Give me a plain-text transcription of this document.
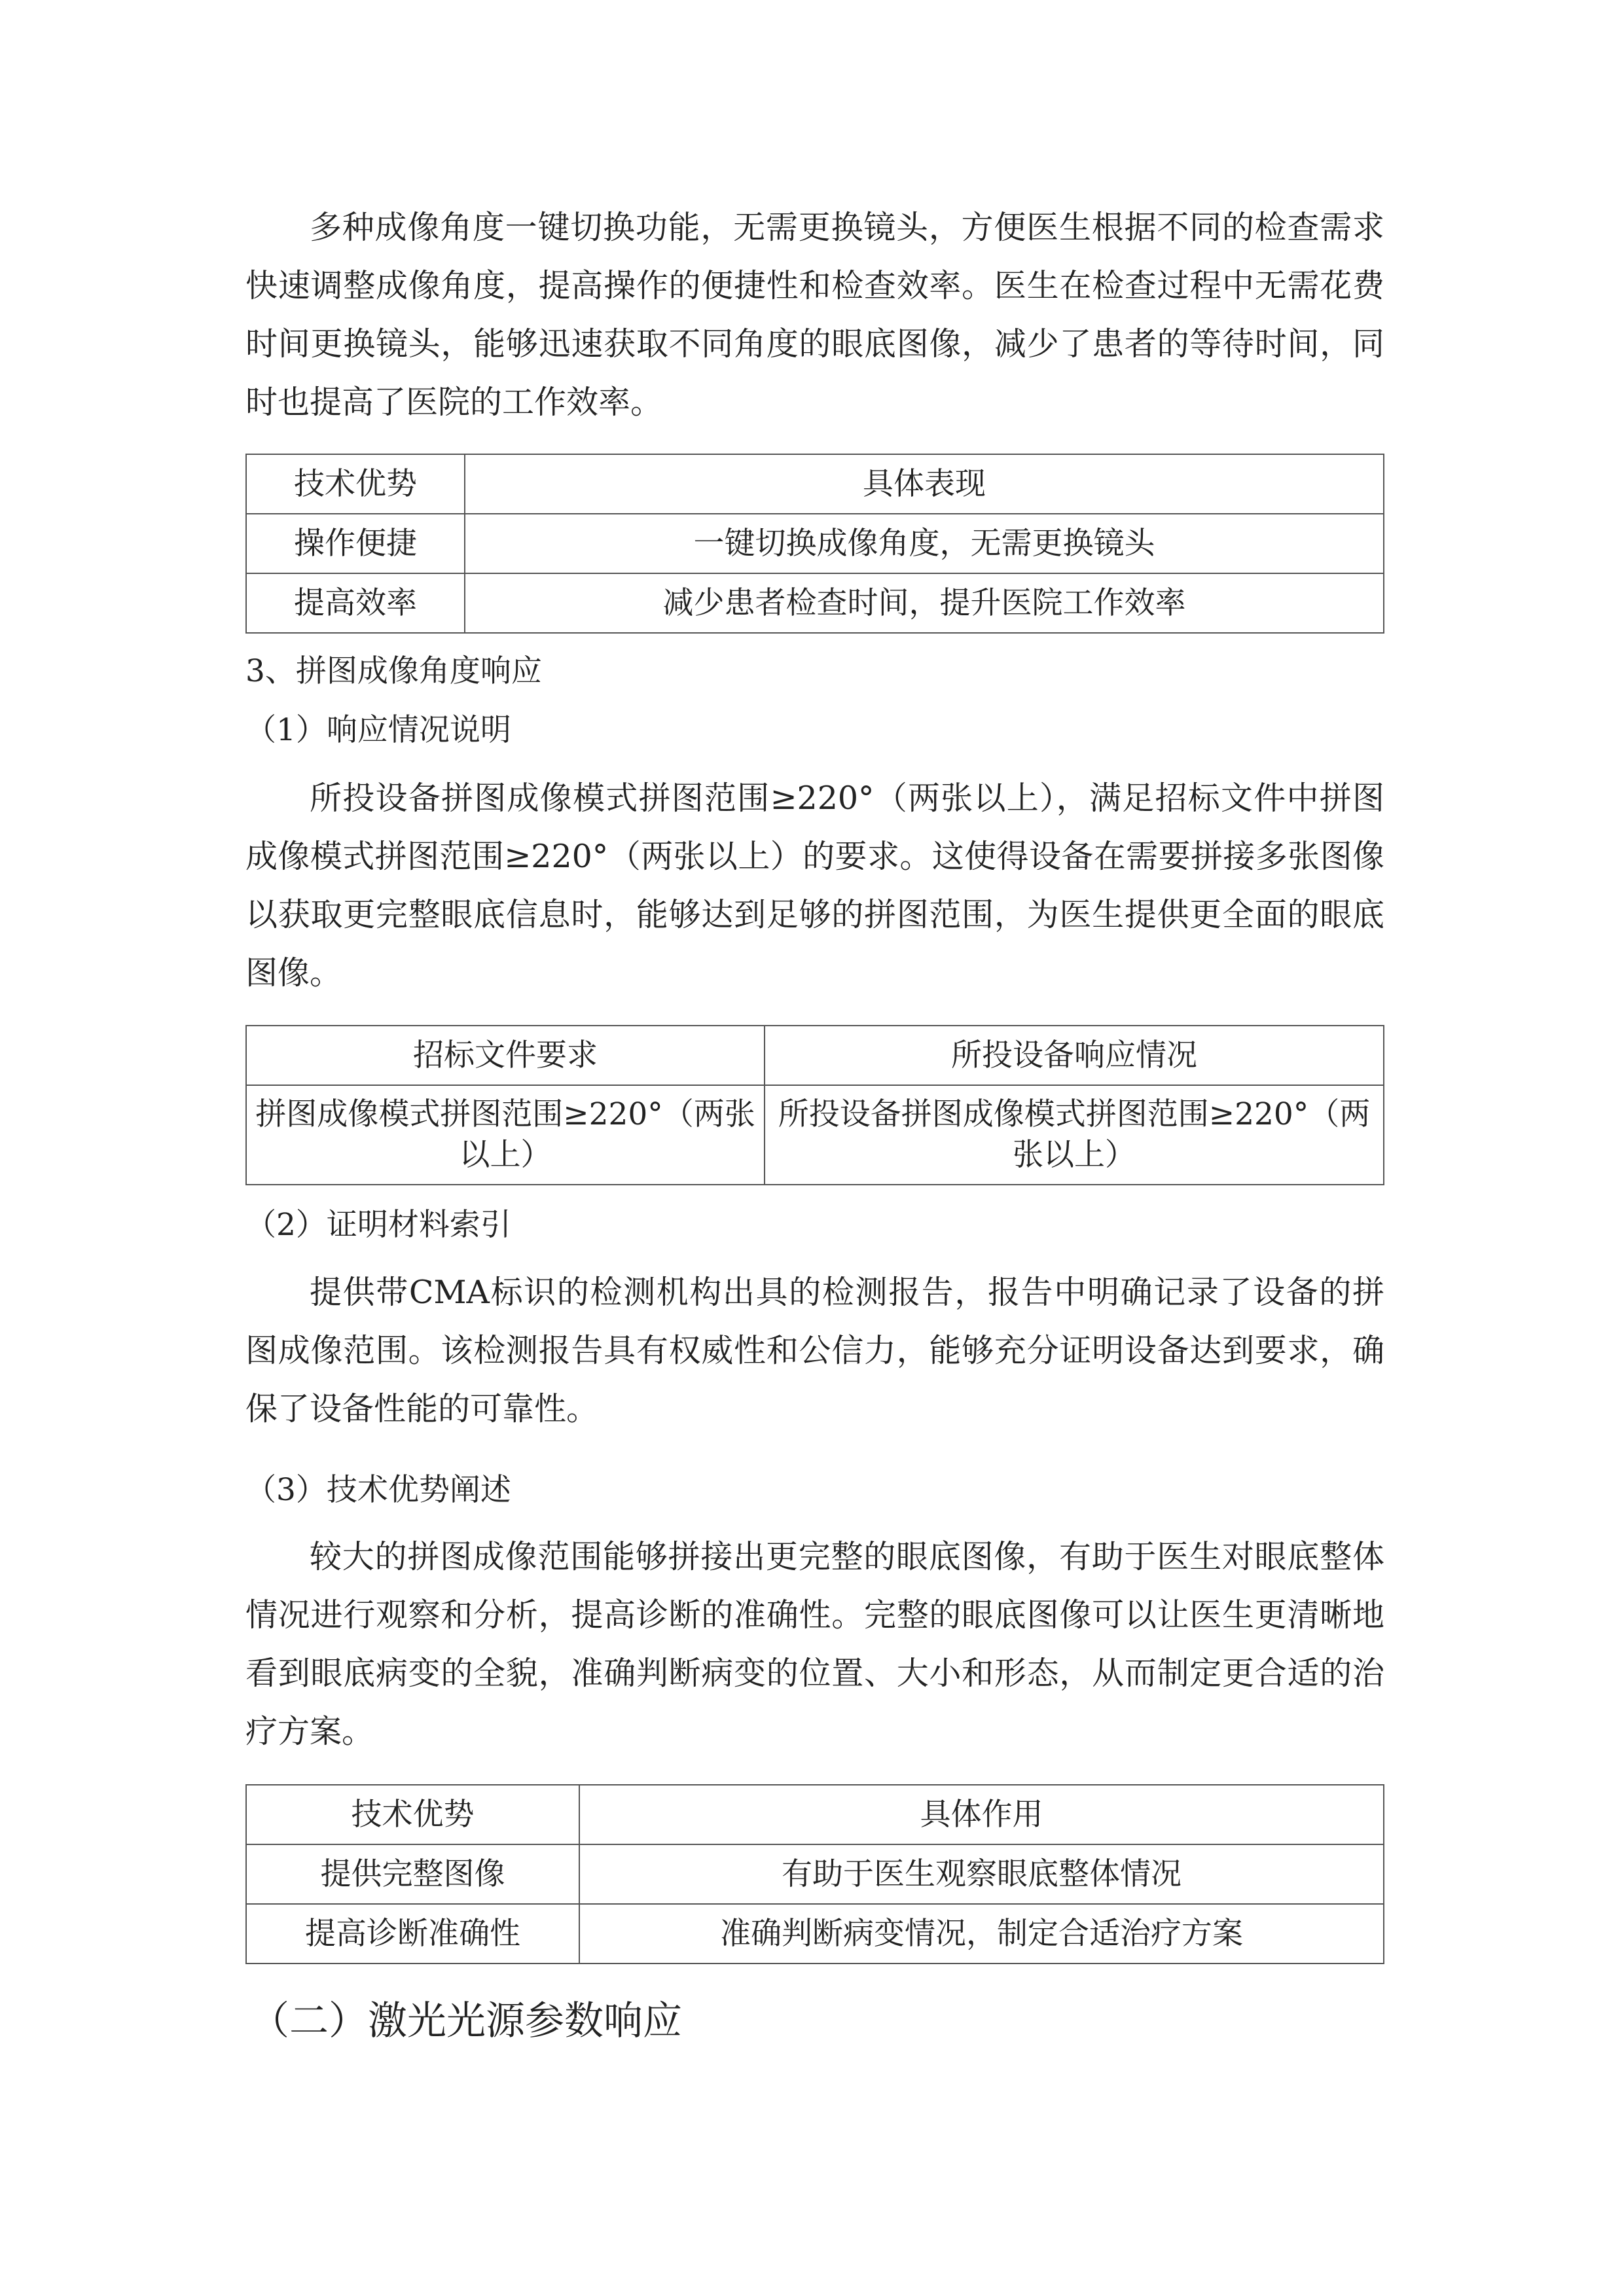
多种成像角度一键切换功能，无需更换镜头，方便医生根据不同的检查需求快速调整成像角度，提高操作的便捷性和检查效率。医生在检查过程中无需花费时间更换镜头，能够迅速获取不同角度的眼底图像，减少了患者的等待时间，同时也提高了医院的工作效率。

技术优势	具体表现
操作便捷	一键切换成像角度，无需更换镜头
提高效率	减少患者检查时间，提升医院工作效率

3、拼图成像角度响应

（1）响应情况说明

所投设备拼图成像模式拼图范围≥220°（两张以上），满足招标文件中拼图成像模式拼图范围≥220°（两张以上）的要求。这使得设备在需要拼接多张图像以获取更完整眼底信息时，能够达到足够的拼图范围，为医生提供更全面的眼底图像。

招标文件要求	所投设备响应情况
拼图成像模式拼图范围≥220°（两张以上）	所投设备拼图成像模式拼图范围≥220°（两张以上）

（2）证明材料索引

提供带CMA标识的检测机构出具的检测报告，报告中明确记录了设备的拼图成像范围。该检测报告具有权威性和公信力，能够充分证明设备达到要求，确保了设备性能的可靠性。

（3）技术优势阐述

较大的拼图成像范围能够拼接出更完整的眼底图像，有助于医生对眼底整体情况进行观察和分析，提高诊断的准确性。完整的眼底图像可以让医生更清晰地看到眼底病变的全貌，准确判断病变的位置、大小和形态，从而制定更合适的治疗方案。

技术优势	具体作用
提供完整图像	有助于医生观察眼底整体情况
提高诊断准确性	准确判断病变情况，制定合适治疗方案

（二）激光光源参数响应
